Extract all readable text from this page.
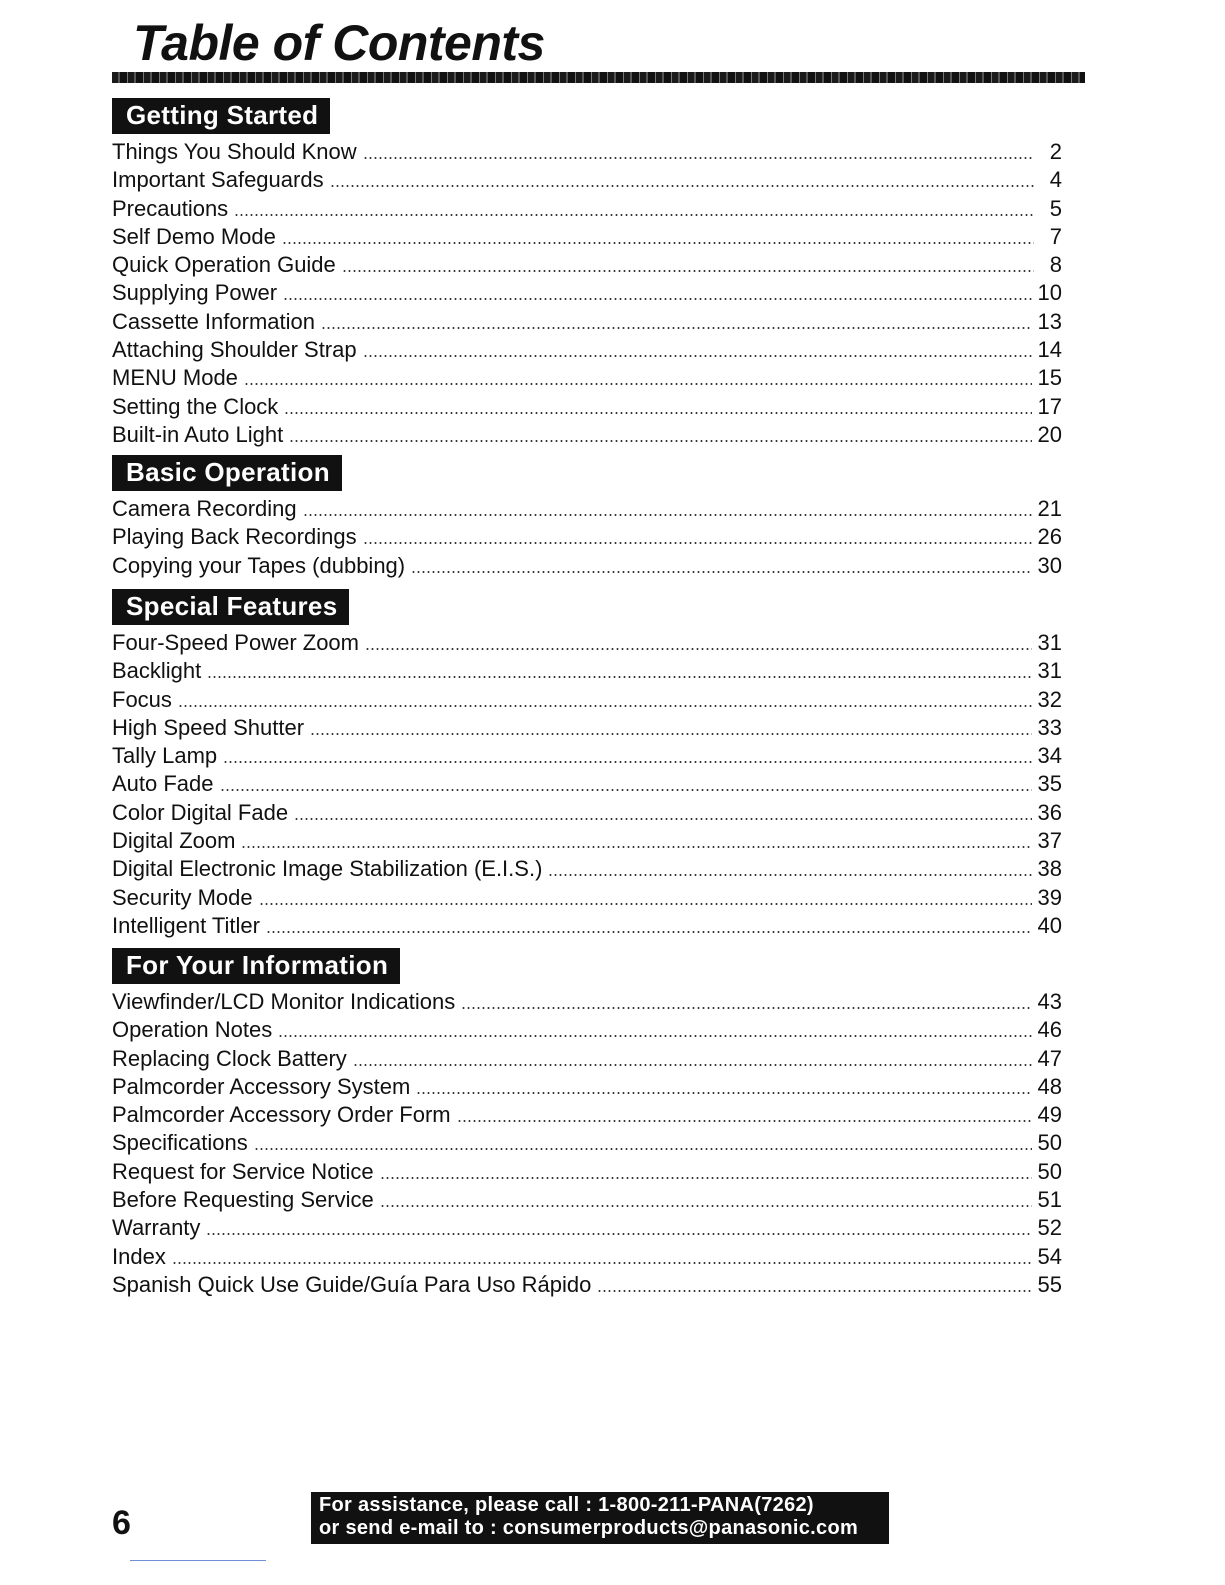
Table of Contents
Getting Started
Things You Should Know	2
Important Safeguards	4
Precautions	5
Self Demo Mode	7
Quick Operation Guide	8
Supplying Power	10
Cassette Information	13
Attaching Shoulder Strap	14
MENU Mode	15
Setting the Clock	17
Built-in Auto Light	20
Basic Operation
Camera Recording	21
Playing Back Recordings	26
Copying your Tapes (dubbing)	30
Special Features
Four-Speed Power Zoom	31
Backlight	31
Focus	32
High Speed Shutter	33
Tally Lamp	34
Auto Fade	35
Color Digital Fade	36
Digital Zoom	37
Digital Electronic Image Stabilization (E.I.S.)	38
Security Mode	39
Intelligent Titler	40
For Your Information
Viewfinder/LCD Monitor Indications	43
Operation Notes	46
Replacing Clock Battery	47
Palmcorder Accessory System	48
Palmcorder Accessory Order Form	49
Specifications	50
Request for Service Notice	50
Before Requesting Service	51
Warranty	52
Index	54
Spanish Quick Use Guide/Guía Para Uso Rápido	55
6	For assistance, please call : 1-800-211-PANA(7262)
or send e-mail to : consumerproducts@panasonic.com
